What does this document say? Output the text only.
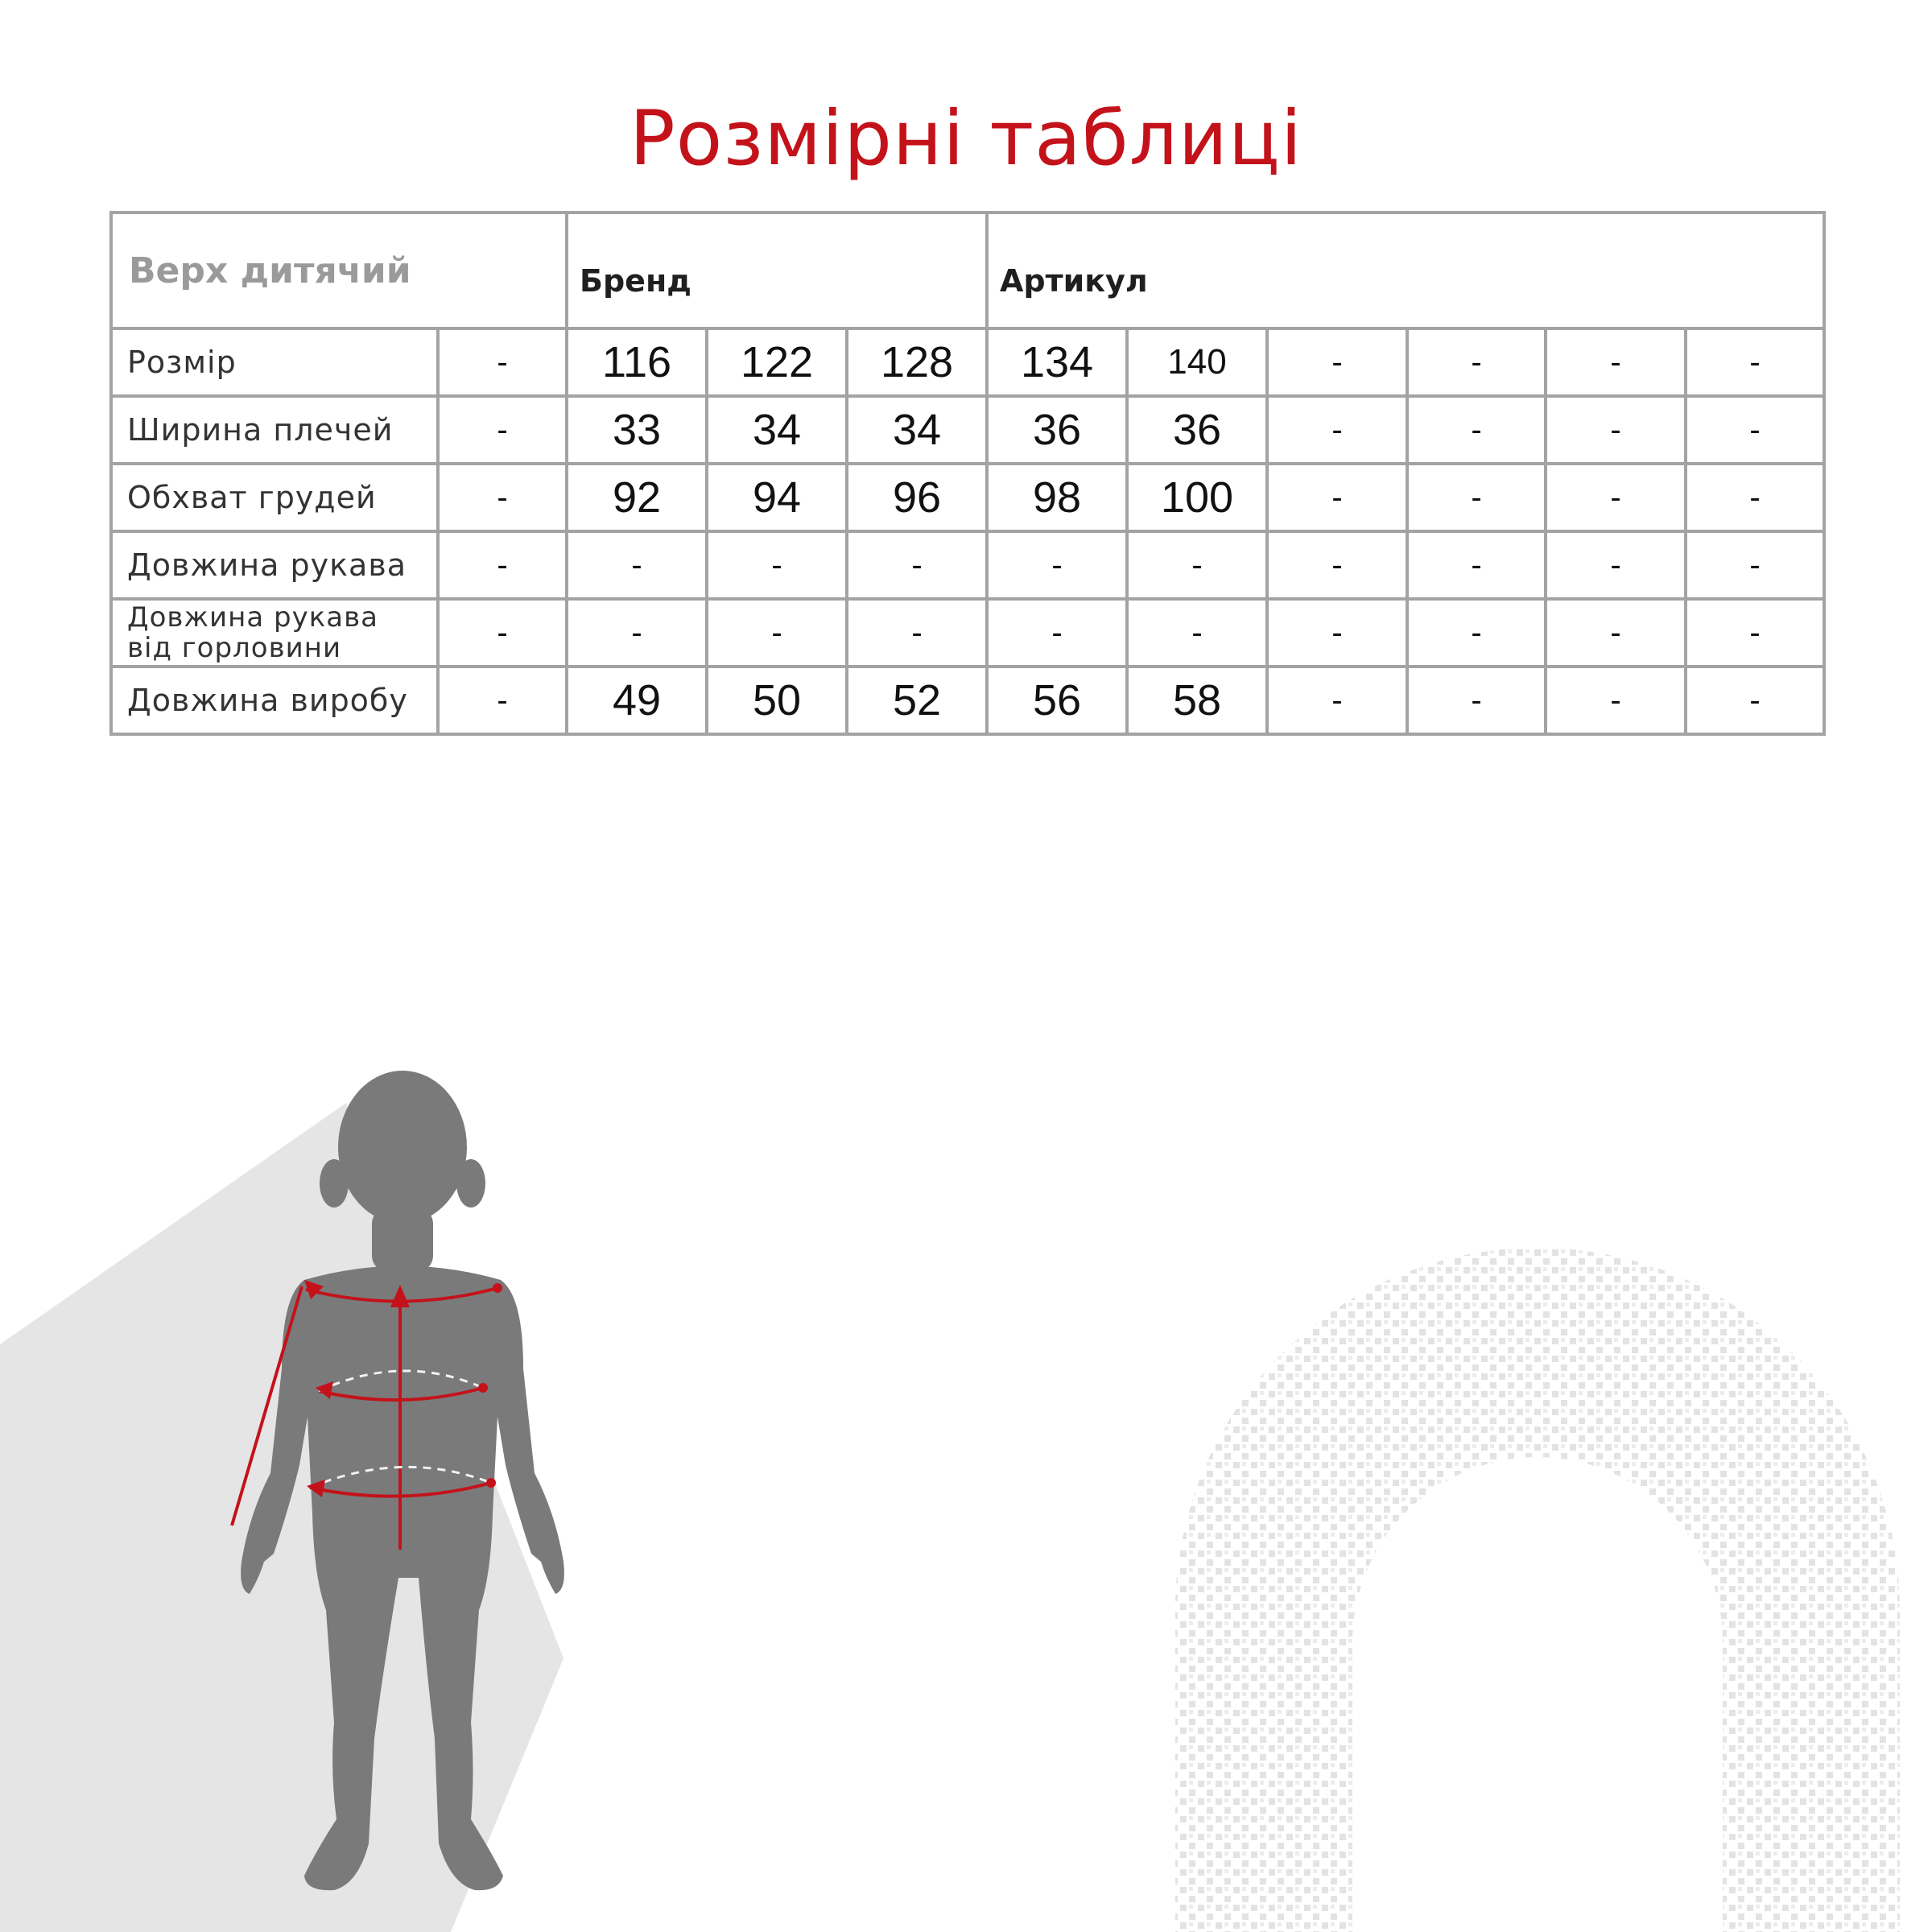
Розмірні таблиці
Верх дитячий		Бренд			Артикул					
Розмір	-	116	122	128	134	140	-	-	-	-
Ширина плечей	-	33	34	34	36	36	-	-	-	-
Обхват грудей	-	92	94	96	98	100	-	-	-	-
Довжина рукава	-	-	-	-	-	-	-	-	-	-
Довжина рукава
від горловини	-	-	-	-	-	-	-	-	-	-
Довжина виробу	-	49	50	52	56	58	-	-	-	-
